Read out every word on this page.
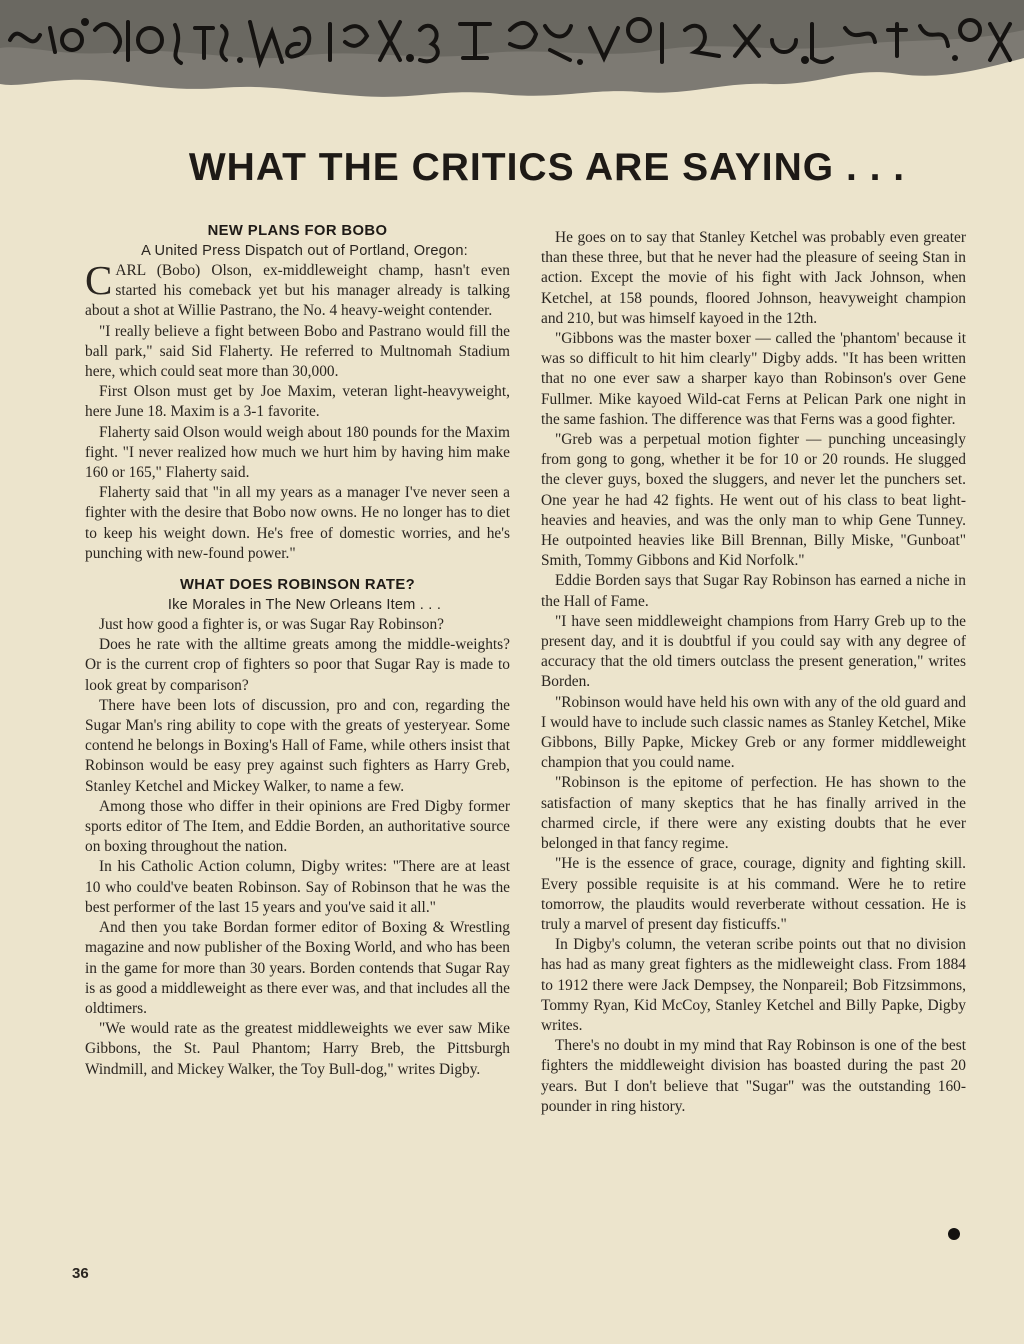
WHAT THE CRITICS ARE SAYING . . .
NEW PLANS FOR BOBO

A United Press Dispatch out of Portland, Oregon:

CARL (Bobo) Olson, ex-middleweight champ, hasn't even started his comeback yet but his manager already is talking about a shot at Willie Pastrano, the No. 4 heavy-weight contender.

"I really believe a fight between Bobo and Pastrano would fill the ball park," said Sid Flaherty. He referred to Multnomah Stadium here, which could seat more than 30,000.

First Olson must get by Joe Maxim, veteran light-heavyweight, here June 18. Maxim is a 3-1 favorite.

Flaherty said Olson would weigh about 180 pounds for the Maxim fight. "I never realized how much we hurt him by having him make 160 or 165," Flaherty said.

Flaherty said that "in all my years as a manager I've never seen a fighter with the desire that Bobo now owns. He no longer has to diet to keep his weight down. He's free of domestic worries, and he's punching with new-found power."

WHAT DOES ROBINSON RATE?

Ike Morales in The New Orleans Item . . .

Just how good a fighter is, or was Sugar Ray Robinson?

Does he rate with the alltime greats among the middle-weights? Or is the current crop of fighters so poor that Sugar Ray is made to look great by comparison?

There have been lots of discussion, pro and con, regarding the Sugar Man's ring ability to cope with the greats of yesteryear. Some contend he belongs in Boxing's Hall of Fame, while others insist that Robinson would be easy prey against such fighters as Harry Greb, Stanley Ketchel and Mickey Walker, to name a few.

Among those who differ in their opinions are Fred Digby former sports editor of The Item, and Eddie Borden, an authoritative source on boxing throughout the nation.

In his Catholic Action column, Digby writes: "There are at least 10 who could've beaten Robinson. Say of Robinson that he was the best performer of the last 15 years and you've said it all."

And then you take Bordan former editor of Boxing & Wrestling magazine and now publisher of the Boxing World, and who has been in the game for more than 30 years. Borden contends that Sugar Ray is as good a middleweight as there ever was, and that includes all the oldtimers.

"We would rate as the greatest middleweights we ever saw Mike Gibbons, the St. Paul Phantom; Harry Breb, the Pittsburgh Windmill, and Mickey Walker, the Toy Bull-dog," writes Digby.

He goes on to say that Stanley Ketchel was probably even greater than these three, but that he never had the pleasure of seeing Stan in action. Except the movie of his fight with Jack Johnson, when Ketchel, at 158 pounds, floored Johnson, heavyweight champion and 210, but was himself kayoed in the 12th.

"Gibbons was the master boxer — called the 'phantom' because it was so difficult to hit him clearly" Digby adds. "It has been written that no one ever saw a sharper kayo than Robinson's over Gene Fullmer. Mike kayoed Wild-cat Ferns at Pelican Park one night in the same fashion. The difference was that Ferns was a good fighter.

"Greb was a perpetual motion fighter — punching unceasingly from gong to gong, whether it be for 10 or 20 rounds. He slugged the clever guys, boxed the sluggers, and never let the punchers set. One year he had 42 fights. He went out of his class to beat light-heavies and heavies, and was the only man to whip Gene Tunney. He outpointed heavies like Bill Brennan, Billy Miske, "Gunboat" Smith, Tommy Gibbons and Kid Norfolk."

Eddie Borden says that Sugar Ray Robinson has earned a niche in the Hall of Fame.

"I have seen middleweight champions from Harry Greb up to the present day, and it is doubtful if you could say with any degree of accuracy that the old timers outclass the present generation," writes Borden.

"Robinson would have held his own with any of the old guard and I would have to include such classic names as Stanley Ketchel, Mike Gibbons, Billy Papke, Mickey Greb or any former middleweight champion that you could name.

"Robinson is the epitome of perfection. He has shown to the satisfaction of many skeptics that he has finally arrived in the charmed circle, if there were any existing doubts that he ever belonged in that fancy regime.

"He is the essence of grace, courage, dignity and fighting skill. Every possible requisite is at his command. Were he to retire tomorrow, the plaudits would reverberate without cessation. He is truly a marvel of present day fisticuffs."

In Digby's column, the veteran scribe points out that no division has had as many great fighters as the midleweight class. From 1884 to 1912 there were Jack Dempsey, the Nonpareil; Bob Fitzsimmons, Tommy Ryan, Kid McCoy, Stanley Ketchel and Billy Papke, Digby writes.

There's no doubt in my mind that Ray Robinson is one of the best fighters the middleweight division has boasted during the past 20 years. But I don't believe that "Sugar" was the outstanding 160-pounder in ring history.

36
